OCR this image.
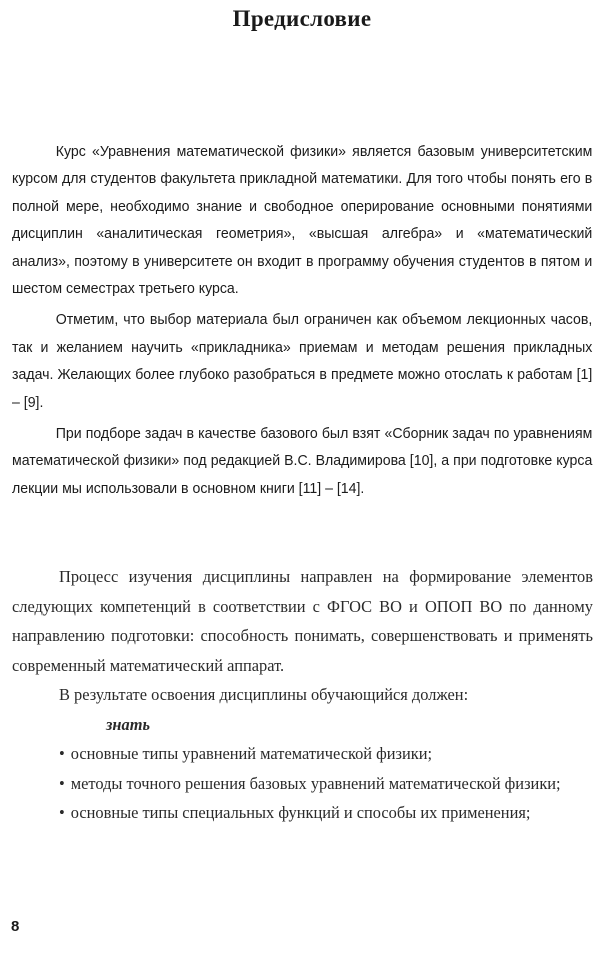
Предисловие

Курс «Уравнения математической физики» является базовым университетским курсом для студентов факультета прикладной математики. Для того чтобы понять его в полной мере, необходимо знание и свободное оперирование основными понятиями дисциплин «аналитическая геометрия», «высшая алгебра» и «математический анализ», поэтому в университете он входит в программу обучения студентов в пятом и шестом семестрах третьего курса.

Отметим, что выбор материала был ограничен как объемом лекционных часов, так и желанием научить «прикладника» приемам и методам решения прикладных задач. Желающих более глубоко разобраться в предмете можно отослать к работам [1] – [9].

При подборе задач в качестве базового был взят «Сборник задач по уравнениям математической физики» под редакцией В.С. Владимирова [10], а при подготовке курса лекции мы использовали в основном книги [11] – [14].

Процесс изучения дисциплины направлен на формирование элементов следующих компетенций в соответствии с ФГОС ВО и ОПОП ВО по данному направлению подготовки: способность понимать, совершенствовать и применять современный математический аппарат.

В результате освоения дисциплины обучающийся должен:

знать

• основные типы уравнений математической физики;
• методы точного решения базовых уравнений математической физики;
• основные типы специальных функций и способы их применения;
8
